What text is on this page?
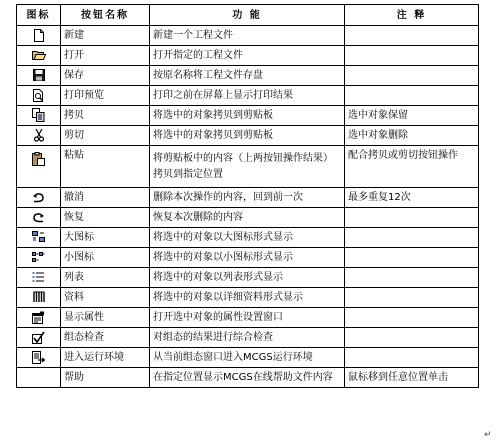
图标	按钮名称	功 能	注 释

	新建	新建一个工程文件	

	打开	打开指定的工程文件	

	保存	按原名称将工程文件存盘	

	打印预览	打印之前在屏幕上显示打印结果	

	拷贝	将选中的对象拷贝到剪贴板	选中对象保留

	剪切	将选中的对象拷贝到剪贴板	选中对象删除

	粘贴	将剪贴板中的内容（上两按钮操作结果）拷贝到指定位置	配合拷贝或剪切按钮操作

	撤消	删除本次操作的内容，回到前一次	最多重复12次

	恢复	恢复本次删除的内容	

	大图标	将选中的对象以大图标形式显示	

	小图标	将选中的对象以小图标形式显示	

	列表	将选中的对象以列表形式显示	

	资料	将选中的对象以详细资料形式显示	

	显示属性	打开选中对象的属性设置窗口	

	组态检查	对组态的结果进行综合检查	

	进入运行环境	从当前组态窗口进入MCGS运行环境	
	帮助	在指定位置显示MCGS在线帮助文件内容	鼠标移到任意位置单击
↵
